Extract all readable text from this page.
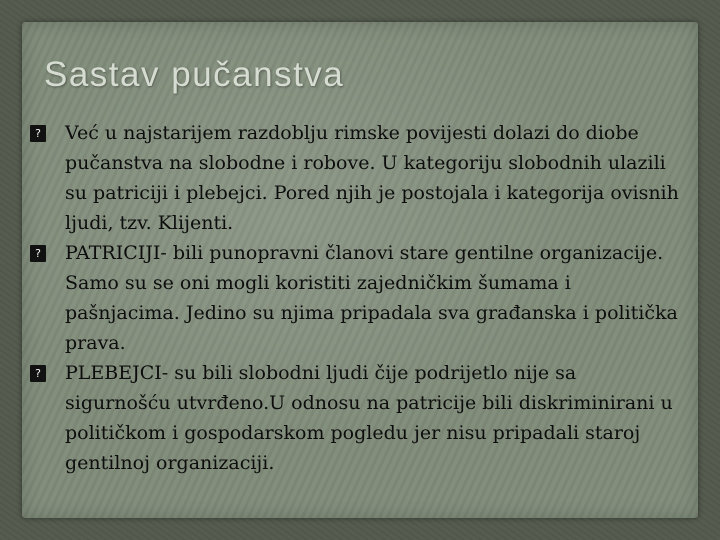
Sastav pučanstva

? Već u najstarijem razdoblju rimske povijesti dolazi do diobe pučanstva na slobodne i robove. U kategoriju slobodnih ulazili su patriciji i plebejci. Pored njih je postojala i kategorija ovisnih ljudi, tzv. Klijenti.

? PATRICIJI- bili punopravni članovi stare gentilne organizacije. Samo su se oni mogli koristiti zajedničkim šumama i pašnjacima. Jedino su njima pripadala sva građanska i politička prava.

? PLEBEJCI- su bili slobodni ljudi čije podrijetlo nije sa sigurnošću utvrđeno.U odnosu na patricije bili diskriminirani u političkom i gospodarskom pogledu jer nisu pripadali staroj gentilnoj organizaciji.
